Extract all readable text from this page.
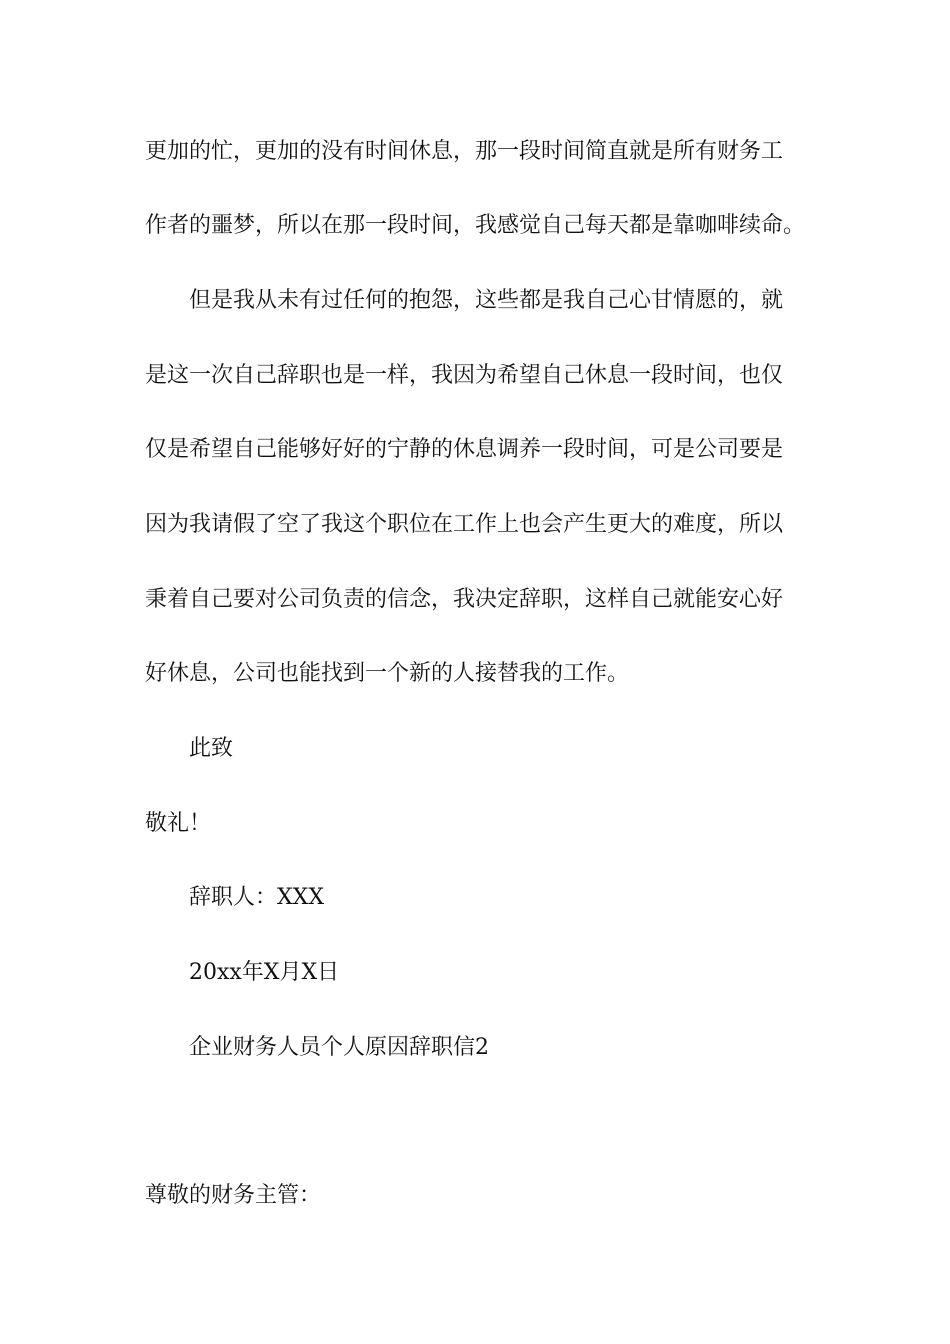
更加的忙，更加的没有时间休息，那一段时间简直就是所有财务工
作者的噩梦，所以在那一段时间，我感觉自己每天都是靠咖啡续命。
但是我从未有过任何的抱怨，这些都是我自己心甘情愿的，就
是这一次自己辞职也是一样，我因为希望自己休息一段时间，也仅
仅是希望自己能够好好的宁静的休息调养一段时间，可是公司要是
因为我请假了空了我这个职位在工作上也会产生更大的难度，所以
秉着自己要对公司负责的信念，我决定辞职，这样自己就能安心好
好休息，公司也能找到一个新的人接替我的工作。
此致
敬礼！
辞职人：XXX
20xx年X月X日
企业财务人员个人原因辞职信2
尊敬的财务主管：
